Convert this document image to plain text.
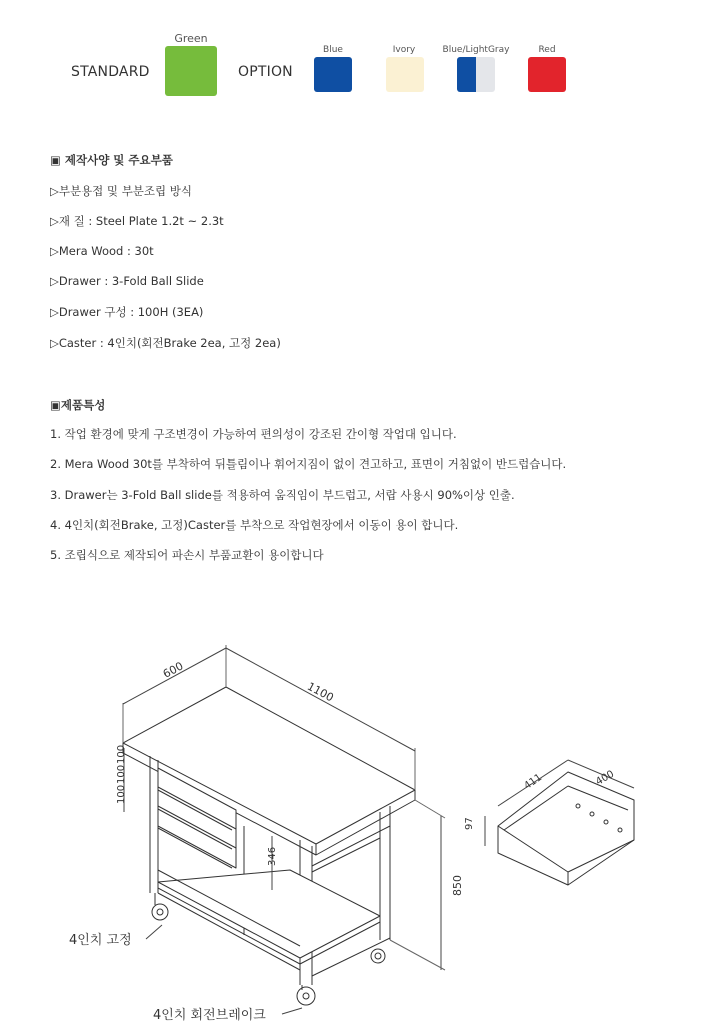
STANDARD
Green
OPTION
Blue	Ivory	Blue/LightGray	Red
▣ 제작사양 및 주요부품
▷부분용접 및 부분조립 방식
▷재 질 : Steel Plate 1.2t ~ 2.3t
▷Mera Wood : 30t
▷Drawer : 3-Fold Ball Slide
▷Drawer 구성 : 100H (3EA)
▷Caster : 4인치(회전Brake 2ea, 고정 2ea)
▣제품특성
1. 작업 환경에 맞게 구조변경이 가능하여 편의성이 강조된 간이형 작업대 입니다.
2. Mera Wood 30t를 부착하여 뒤틀림이나 휘어지짐이 없이 견고하고, 표면이 거침없이 반드럽습니다.
3. Drawer는 3-Fold Ball slide를 적용하여 움직임이 부드럽고, 서랍 사용시 90%이상 인출.
4. 4인치(회전Brake, 고정)Caster를 부착으로 작업현장에서 이동이 용이 합니다.
5. 조립식으로 제작되어 파손시 부품교환이 용이합니다
600
1100
850
346
100
100
100
411	400
97
4인치 고정
4인치 회전브레이크
